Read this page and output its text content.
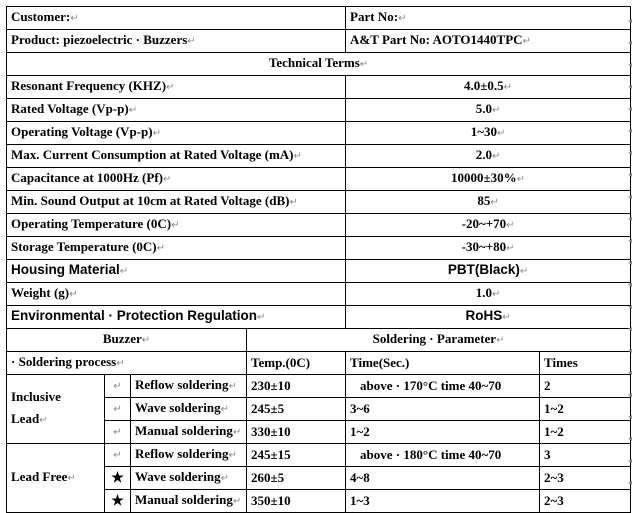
Customer:↵				Part No:↵	
Product: piezoelectric · Buzzers↵				A&T Part No: AOTO1440TPC↵	
Technical Terms↵					
Resonant Frequency (KHZ)↵				4.0±0.5↵	
Rated Voltage (Vp-p)↵				5.0↵	
Operating Voltage (Vp-p)↵				1~30↵	
Max. Current Consumption at Rated Voltage (mA)↵				2.0↵	
Capacitance at 1000Hz (Pf)↵				10000±30%↵	
Min. Sound Output at 10cm at Rated Voltage (dB)↵				85↵	
Operating Temperature (0C)↵				-20~+70↵	
Storage Temperature (0C)↵				-30~+80↵	
Housing Material↵				PBT(Black)↵	
Weight (g)↵				1.0↵	
Environmental · Protection Regulation↵				RoHS↵	
Buzzer↵			Soldering · Parameter↵		
· Soldering process↵			Temp.(0C)	Time(Sec.)	Times
Inclusive Lead↵	↵	Reflow soldering↵	230±10	above · 170°C time 40~70	2
	↵	Wave soldering↵	245±5	3~6	1~2
	↵	Manual soldering↵	330±10	1~2	1~2
Lead Free↵	↵	Reflow soldering↵	245±15	above · 180°C time 40~70	3
	★	Wave soldering↵	260±5	4~8	2~3
	★	Manual soldering↵	350±10	1~3	2~3
◂
◂
◂
◂
◂
◂
◂
◂
◂
◂
◂
◂
◂
◂
◂
◂
◂
◂
◂
◂
◂
◂
